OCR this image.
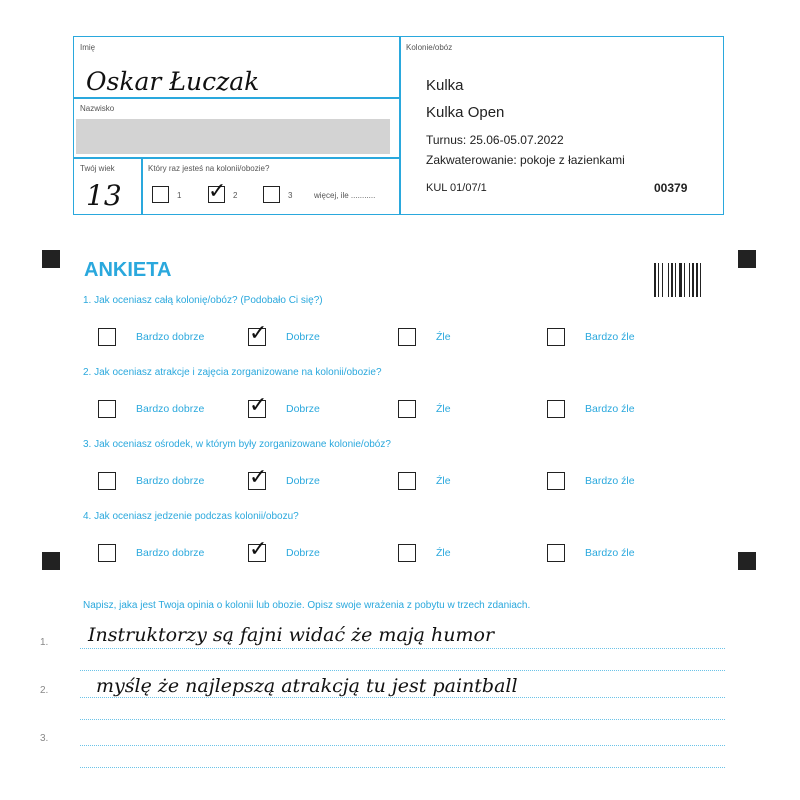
Imię
Oskar Łuczak
Nazwisko
Twój wiek
13
Który raz jesteś na kolonii/obozie?
1 ✓ 2	3	więcej, ile ...........
Kolonie/obóz
Kulka
Kulka Open
Turnus: 25.06-05.07.2022
Zakwaterowanie: pokoje z łazienkami
KUL 01/07/1	00379
ANKIETA
1. Jak oceniasz całą kolonię/obóz? (Podobało Ci się?)
Bardzo dobrze ✓ Dobrze	Źle	Bardzo źle
2. Jak oceniasz atrakcje i zajęcia zorganizowane na kolonii/obozie?
Bardzo dobrze ✓ Dobrze	Źle	Bardzo źle
3. Jak oceniasz ośrodek, w którym były zorganizowane kolonie/obóz?
Bardzo dobrze ✓ Dobrze	Źle	Bardzo źle
4. Jak oceniasz jedzenie podczas kolonii/obozu?
Bardzo dobrze ✓ Dobrze	Źle	Bardzo źle
Napisz, jaka jest Twoja opinia o kolonii lub obozie. Opisz swoje wrażenia z pobytu w trzech zdaniach.
1.
2.
3.
Instruktorzy są fajni widać że mają humor
myślę że najlepszą atrakcją tu jest paintball
